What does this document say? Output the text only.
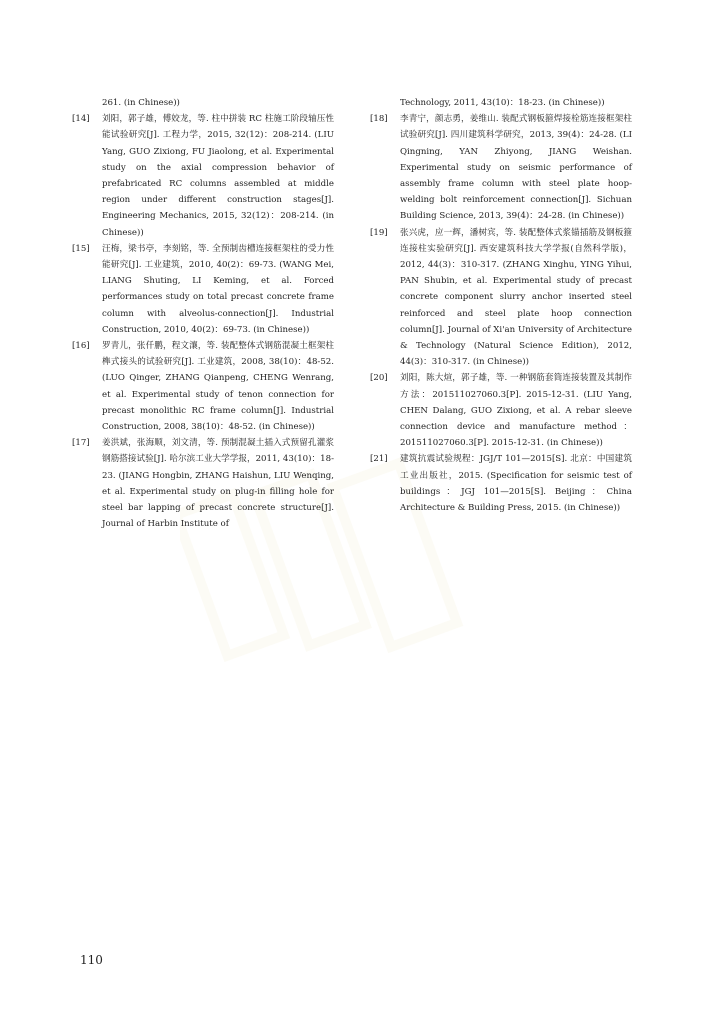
261. (in Chinese))
[14]	刘阳，郭子雄，傅姣龙，等. 柱中拼装 RC 柱施工阶段轴压性能试验研究[J]. 工程力学，2015, 32(12)：208-214. (LIU Yang, GUO Zixiong, FU Jiaolong, et al. Experimental study on the axial compression behavior of prefabricated RC columns assembled at middle region under different construction stages[J]. Engineering Mechanics, 2015, 32(12)：208-214. (in Chinese))
[15]	汪梅，梁书亭，李刻铭，等. 全预制齿槽连接框架柱的受力性能研究[J]. 工业建筑，2010, 40(2)：69-73. (WANG Mei, LIANG Shuting, LI Keming, et al. Forced performances study on total precast concrete frame column with alveolus-connection[J]. Industrial Construction, 2010, 40(2)：69-73. (in Chinese))
[16]	罗青儿，张仟鹏，程文瀼，等. 装配整体式钢筋混凝土框架柱榫式接头的试验研究[J]. 工业建筑，2008, 38(10)：48-52. (LUO Qinger, ZHANG Qianpeng, CHENG Wenrang, et al. Experimental study of tenon connection for precast monolithic RC frame column[J]. Industrial Construction, 2008, 38(10)：48-52. (in Chinese))
[17]	姜洪斌，张海顺，刘文清，等. 预制混凝土插入式预留孔灌浆钢筋搭接试验[J]. 哈尔滨工业大学学报，2011, 43(10)：18-23. (JIANG Hongbin, ZHANG Haishun, LIU Wenqing, et al. Experimental study on plug-in filling hole for steel bar lapping of precast concrete structure[J]. Journal of Harbin Institute of
Technology, 2011, 43(10)：18-23. (in Chinese))
[18]	李青宁，颜志勇，姜维山. 装配式钢板箍焊接栓筋连接框架柱试验研究[J]. 四川建筑科学研究，2013, 39(4)：24-28. (LI Qingning, YAN Zhiyong, JIANG Weishan. Experimental study on seismic performance of assembly frame column with steel plate hoop-welding bolt reinforcement connection[J]. Sichuan Building Science, 2013, 39(4)：24-28. (in Chinese))
[19]	张兴虎，应一辉，潘树宾，等. 装配整体式浆锚插筋及钢板箍连接柱实验研究[J]. 西安建筑科技大学学报(自然科学版)，2012, 44(3)：310-317. (ZHANG Xinghu, YING Yihui, PAN Shubin, et al. Experimental study of precast concrete component slurry anchor inserted steel reinforced and steel plate hoop connection column[J]. Journal of Xi'an University of Architecture & Technology (Natural Science Edition), 2012, 44(3)：310-317. (in Chinese))
[20]	刘阳，陈大煊，郭子雄，等. 一种钢筋套筒连接装置及其制作方法：201511027060.3[P]. 2015-12-31. (LIU Yang, CHEN Dalang, GUO Zixiong, et al. A rebar sleeve connection device and manufacture method：201511027060.3[P]. 2015-12-31. (in Chinese))
[21]	建筑抗震试验规程：JGJ/T 101—2015[S]. 北京：中国建筑工业出版社，2015. (Specification for seismic test of buildings：JGJ 101—2015[S]. Beijing：China Architecture & Building Press, 2015. (in Chinese))
110
